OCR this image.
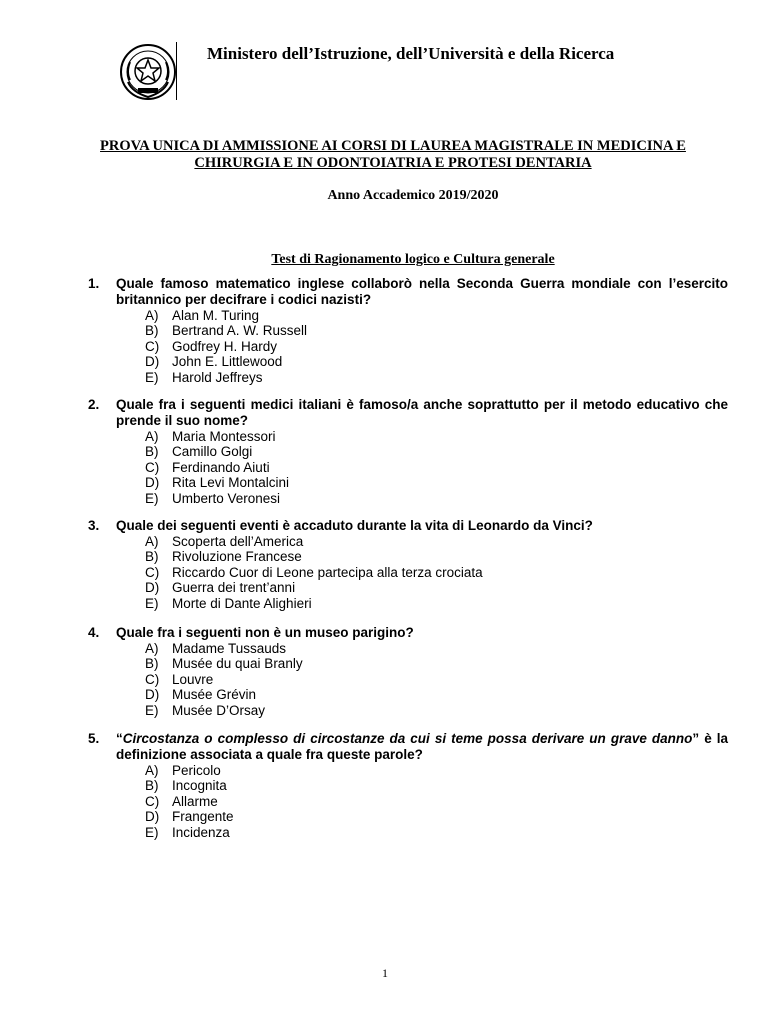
Ministero dell’Istruzione, dell’Università e della Ricerca
PROVA UNICA DI AMMISSIONE AI CORSI DI LAUREA MAGISTRALE IN MEDICINA E
CHIRURGIA E IN ODONTOIATRIA E PROTESI DENTARIA
Anno Accademico 2019/2020
Test di Ragionamento logico e Cultura generale
1. Quale famoso matematico inglese collaborò nella Seconda Guerra mondiale con l’esercito britannico per decifrare i codici nazisti?
A) Alan M. Turing
B) Bertrand A. W. Russell
C) Godfrey H. Hardy
D) John E. Littlewood
E) Harold Jeffreys
2. Quale fra i seguenti medici italiani è famoso/a anche soprattutto per il metodo educativo che prende il suo nome?
A) Maria Montessori
B) Camillo Golgi
C) Ferdinando Aiuti
D) Rita Levi Montalcini
E) Umberto Veronesi
3. Quale dei seguenti eventi è accaduto durante la vita di Leonardo da Vinci?
A) Scoperta dell’America
B) Rivoluzione Francese
C) Riccardo Cuor di Leone partecipa alla terza crociata
D) Guerra dei trent’anni
E) Morte di Dante Alighieri
4. Quale fra i seguenti non è un museo parigino?
A) Madame Tussauds
B) Musée du quai Branly
C) Louvre
D) Musée Grévin
E) Musée D’Orsay
5. “Circostanza o complesso di circostanze da cui si teme possa derivare un grave danno” è la definizione associata a quale fra queste parole?
A) Pericolo
B) Incognita
C) Allarme
D) Frangente
E) Incidenza
1
